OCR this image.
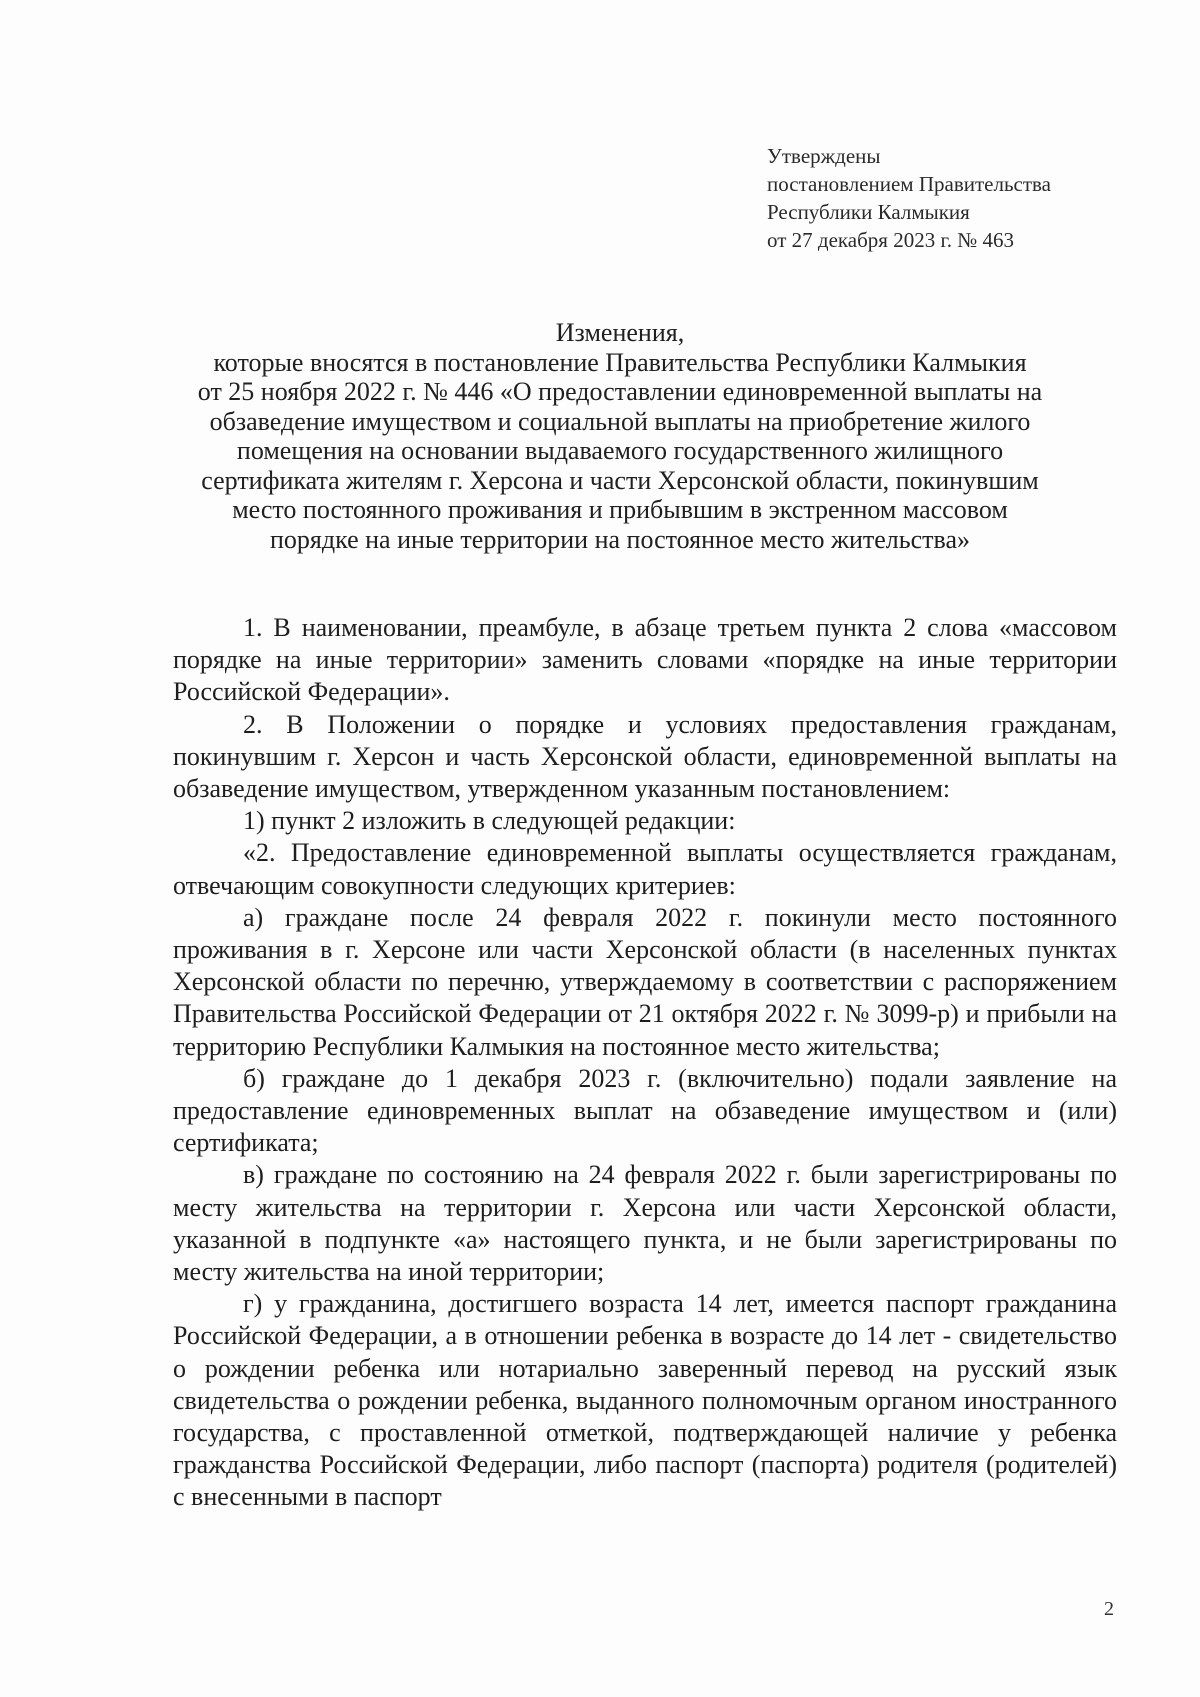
Утверждены
постановлением Правительства
Республики Калмыкия
от 27 декабря 2023 г. № 463
Изменения,
которые вносятся в постановление Правительства Республики Калмыкия
от 25 ноября 2022 г. № 446 «О предоставлении единовременной выплаты на
обзаведение имуществом и социальной выплаты на приобретение жилого
помещения на основании выдаваемого государственного жилищного
сертификата жителям г. Херсона и части Херсонской области, покинувшим
место постоянного проживания и прибывшим в экстренном массовом
порядке на иные территории на постоянное место жительства»

1. В наименовании, преамбуле, в абзаце третьем пункта 2 слова «массовом порядке на иные территории» заменить словами «порядке на иные территории Российской Федерации».

2. В Положении о порядке и условиях предоставления гражданам, покинувшим г. Херсон и часть Херсонской области, единовременной выплаты на обзаведение имуществом, утвержденном указанным постановлением:

1) пункт 2 изложить в следующей редакции:

«2. Предоставление единовременной выплаты осуществляется гражданам, отвечающим совокупности следующих критериев:

а) граждане после 24 февраля 2022 г. покинули место постоянного проживания в г. Херсоне или части Херсонской области (в населенных пунктах Херсонской области по перечню, утверждаемому в соответствии с распоряжением Правительства Российской Федерации от 21 октября 2022 г. № 3099-р) и прибыли на территорию Республики Калмыкия на постоянное место жительства;

б) граждане до 1 декабря 2023 г. (включительно) подали заявление на предоставление единовременных выплат на обзаведение имуществом и (или) сертификата;

в) граждане по состоянию на 24 февраля 2022 г. были зарегистрированы по месту жительства на территории г. Херсона или части Херсонской области, указанной в подпункте «а» настоящего пункта, и не были зарегистрированы по месту жительства на иной территории;

г) у гражданина, достигшего возраста 14 лет, имеется паспорт гражданина Российской Федерации, а в отношении ребенка в возрасте до 14 лет - свидетельство о рождении ребенка или нотариально заверенный перевод на русский язык свидетельства о рождении ребенка, выданного полномочным органом иностранного государства, с проставленной отметкой, подтверждающей наличие у ребенка гражданства Российской Федерации, либо паспорт (паспорта) родителя (родителей) с внесенными в паспорт

2
